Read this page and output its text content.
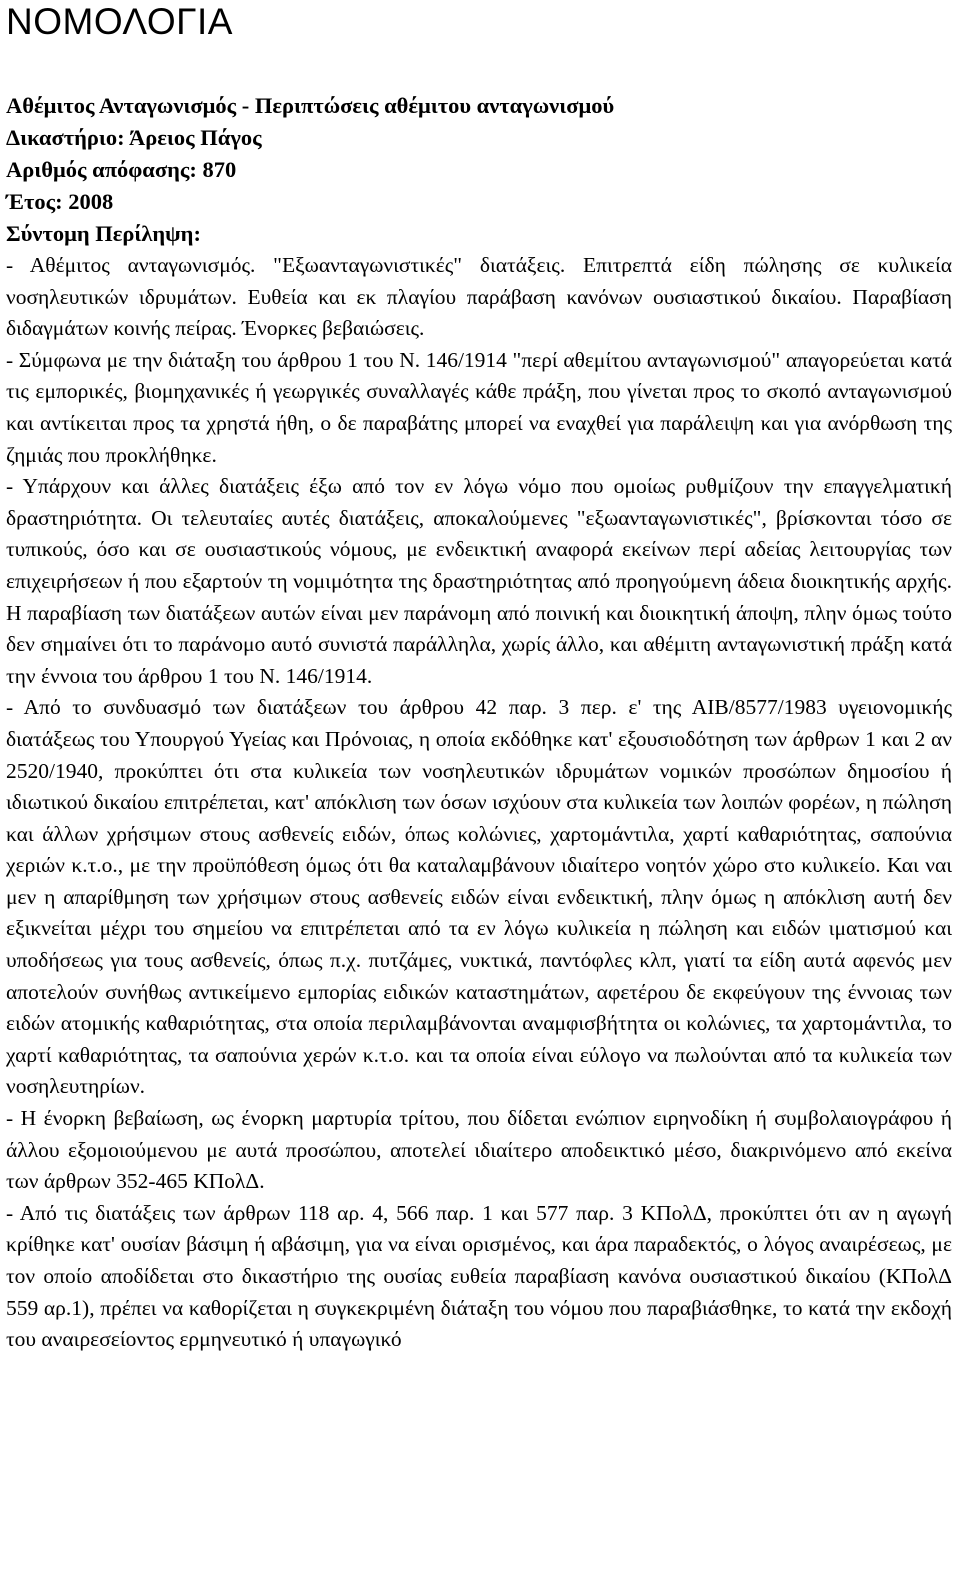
ΝΟΜΟΛΟΓΙΑ
Αθέμιτος Ανταγωνισμός - Περιπτώσεις αθέμιτου ανταγωνισμού
Δικαστήριο: Άρειος Πάγος
Αριθμός απόφασης: 870
Έτος: 2008
Σύντομη Περίληψη:
- Αθέμιτος ανταγωνισμός. "Εξωανταγωνιστικές" διατάξεις. Επιτρεπτά είδη πώλησης σε κυλικεία νοσηλευτικών ιδρυμάτων. Ευθεία και εκ πλαγίου παράβαση κανόνων ουσιαστικού δικαίου. Παραβίαση διδαγμάτων κοινής πείρας. Ένορκες βεβαιώσεις.
- Σύμφωνα με την διάταξη του άρθρου 1 του Ν. 146/1914 "περί αθεμίτου ανταγωνισμού" απαγορεύεται κατά τις εμπορικές, βιομηχανικές ή γεωργικές συναλλαγές κάθε πράξη, που γίνεται προς το σκοπό ανταγωνισμού και αντίκειται προς τα χρηστά ήθη, ο δε παραβάτης μπορεί να εναχθεί για παράλειψη και για ανόρθωση της ζημιάς που προκλήθηκε.
- Υπάρχουν και άλλες διατάξεις έξω από τον εν λόγω νόμο που ομοίως ρυθμίζουν την επαγγελματική δραστηριότητα. Οι τελευταίες αυτές διατάξεις, αποκαλούμενες "εξωανταγωνιστικές", βρίσκονται τόσο σε τυπικούς, όσο και σε ουσιαστικούς νόμους, με ενδεικτική αναφορά εκείνων περί αδείας λειτουργίας των επιχειρήσεων ή που εξαρτούν τη νομιμότητα της δραστηριότητας από προηγούμενη άδεια διοικητικής αρχής. Η παραβίαση των διατάξεων αυτών είναι μεν παράνομη από ποινική και διοικητική άποψη, πλην όμως τούτο δεν σημαίνει ότι το παράνομο αυτό συνιστά παράλληλα, χωρίς άλλο, και αθέμιτη ανταγωνιστική πράξη κατά την έννοια του άρθρου 1 του Ν. 146/1914.
- Από το συνδυασμό των διατάξεων του άρθρου 42 παρ. 3 περ. ε' της ΑΙΒ/8577/1983 υγειονομικής διατάξεως του Υπουργού Υγείας και Πρόνοιας, η οποία εκδόθηκε κατ' εξουσιοδότηση των άρθρων 1 και 2 αν 2520/1940, προκύπτει ότι στα κυλικεία των νοσηλευτικών ιδρυμάτων νομικών προσώπων δημοσίου ή ιδιωτικού δικαίου επιτρέπεται, κατ' απόκλιση των όσων ισχύουν στα κυλικεία των λοιπών φορέων, η πώληση και άλλων χρήσιμων στους ασθενείς ειδών, όπως κολώνιες, χαρτομάντιλα, χαρτί καθαριότητας, σαπούνια χεριών κ.τ.ο., με την προϋπόθεση όμως ότι θα καταλαμβάνουν ιδιαίτερο νοητόν χώρο στο κυλικείο. Και ναι μεν η απαρίθμηση των χρήσιμων στους ασθενείς ειδών είναι ενδεικτική, πλην όμως η απόκλιση αυτή δεν εξικνείται μέχρι του σημείου να επιτρέπεται από τα εν λόγω κυλικεία η πώληση και ειδών ιματισμού και υποδήσεως για τους ασθενείς, όπως π.χ. πυτζάμες, νυκτικά, παντόφλες κλπ, γιατί τα είδη αυτά αφενός μεν αποτελούν συνήθως αντικείμενο εμπορίας ειδικών καταστημάτων, αφετέρου δε εκφεύγουν της έννοιας των ειδών ατομικής καθαριότητας, στα οποία περιλαμβάνονται αναμφισβήτητα οι κολώνιες, τα χαρτομάντιλα, το χαρτί καθαριότητας, τα σαπούνια χερών κ.τ.ο. και τα οποία είναι εύλογο να πωλούνται από τα κυλικεία των νοσηλευτηρίων.
- Η ένορκη βεβαίωση, ως ένορκη μαρτυρία τρίτου, που δίδεται ενώπιον ειρηνοδίκη ή συμβολαιογράφου ή άλλου εξομοιούμενου με αυτά προσώπου, αποτελεί ιδιαίτερο αποδεικτικό μέσο, διακρινόμενο από εκείνα των άρθρων 352-465 ΚΠολΔ.
- Από τις διατάξεις των άρθρων 118 αρ. 4, 566 παρ. 1 και 577 παρ. 3 ΚΠολΔ, προκύπτει ότι αν η αγωγή κρίθηκε κατ' ουσίαν βάσιμη ή αβάσιμη, για να είναι ορισμένος, και άρα παραδεκτός, ο λόγος αναιρέσεως, με τον οποίο αποδίδεται στο δικαστήριο της ουσίας ευθεία παραβίαση κανόνα ουσιαστικού δικαίου (ΚΠολΔ 559 αρ.1), πρέπει να καθορίζεται η συγκεκριμένη διάταξη του νόμου που παραβιάσθηκε, το κατά την εκδοχή του αναιρεσείοντος ερμηνευτικό ή υπαγωγικό
